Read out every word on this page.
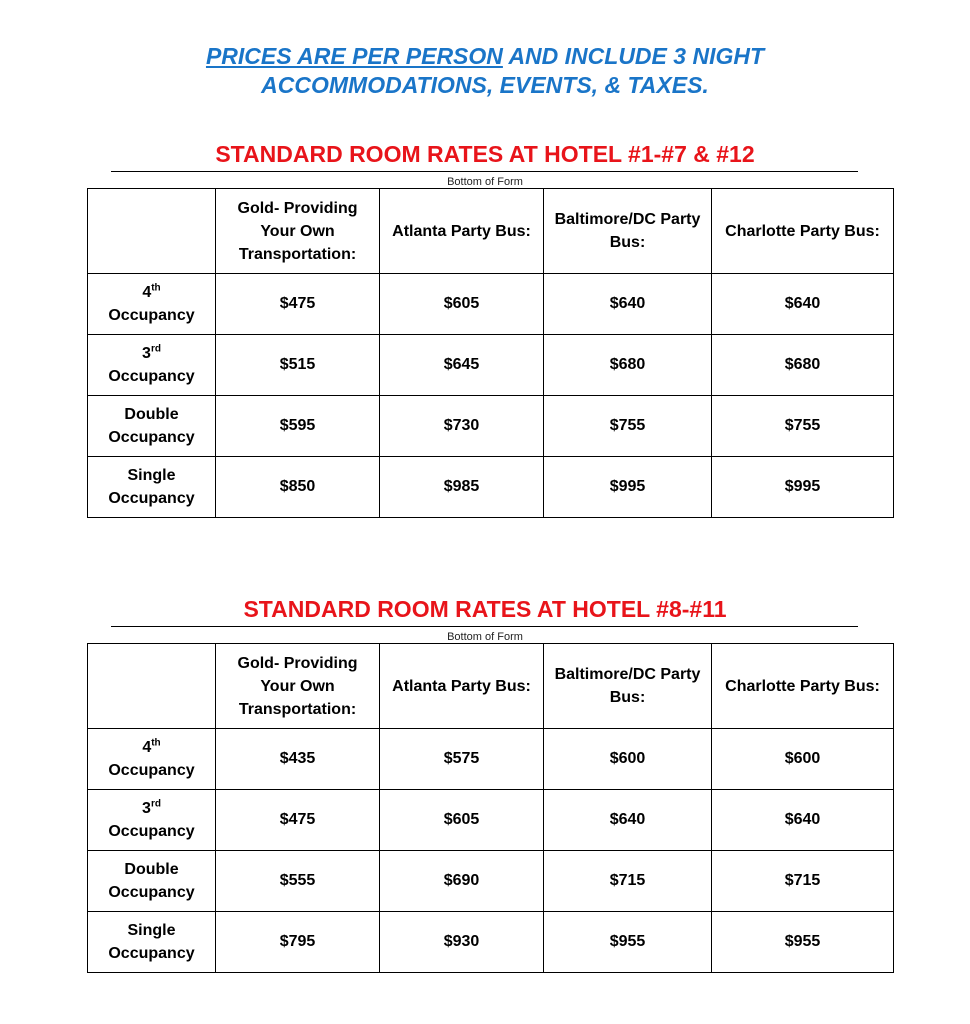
PRICES ARE PER PERSON AND INCLUDE 3 NIGHT
ACCOMMODATIONS, EVENTS, & TAXES.
STANDARD ROOM RATES AT HOTEL #1-#7 & #12
Bottom of Form
	Gold- Providing Your Own Transportation:	Atlanta Party Bus:	Baltimore/DC Party Bus:	Charlotte Party Bus:

4th
Occupancy	$475	$605	$640	$640

3rd
Occupancy	$515	$645	$680	$680

Double
Occupancy	$595	$730	$755	$755

Single
Occupancy	$850	$985	$995	$995
STANDARD ROOM RATES AT HOTEL #8-#11
Bottom of Form
	Gold- Providing Your Own Transportation:	Atlanta Party Bus:	Baltimore/DC Party Bus:	Charlotte Party Bus:

4th
Occupancy	$435	$575	$600	$600

3rd
Occupancy	$475	$605	$640	$640

Double
Occupancy	$555	$690	$715	$715

Single
Occupancy	$795	$930	$955	$955
